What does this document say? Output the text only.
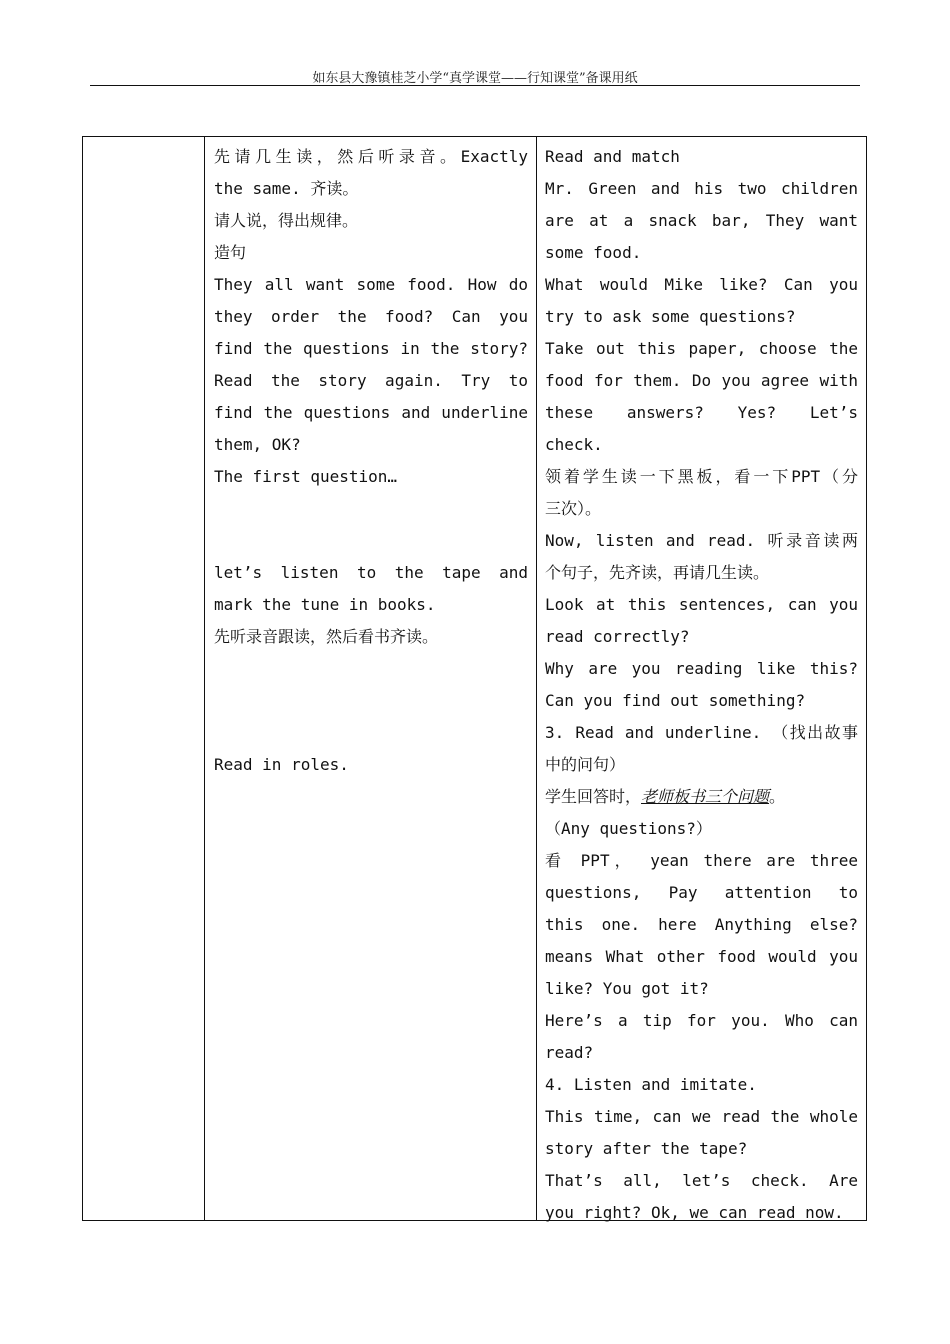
如东县大豫镇桂芝小学“真学课堂——行知课堂”备课用纸
先请几生读，然后听录音。Exactly
the same. 齐读。
请人说，得出规律。
造句
They all want some food. How do
they order the food? Can you
find the questions in the story?
Read the story again. Try to
find the questions and underline
them, OK?
The first question…
let’s listen to the tape and
mark the tune in books.
先听录音跟读，然后看书齐读。
Read in roles.
Read and match
Mr. Green and his two children
are at a snack bar, They want
some food.
What would Mike like? Can you
try to ask some questions?
Take out this paper, choose the
food for them. Do you agree with
these answers? Yes? Let’s
check.
领着学生读一下黑板，看一下PPT（分
三次）。
Now, listen and read. 听录音读两
个句子，先齐读，再请几生读。
Look at this sentences, can you
read correctly?
Why are you reading like this?
Can you find out something?
3. Read and underline. （找出故事
中的问句）
学生回答时，老师板书三个问题。
（Any questions?）
看 PPT， yean there are three
questions, Pay attention to
this one. here Anything else?
means What other food would you
like? You got it?
Here’s a tip for you. Who can
read?
4. Listen and imitate.
This time, can we read the whole
story after the tape?
That’s all, let’s check. Are
you right? Ok, we can read now.
